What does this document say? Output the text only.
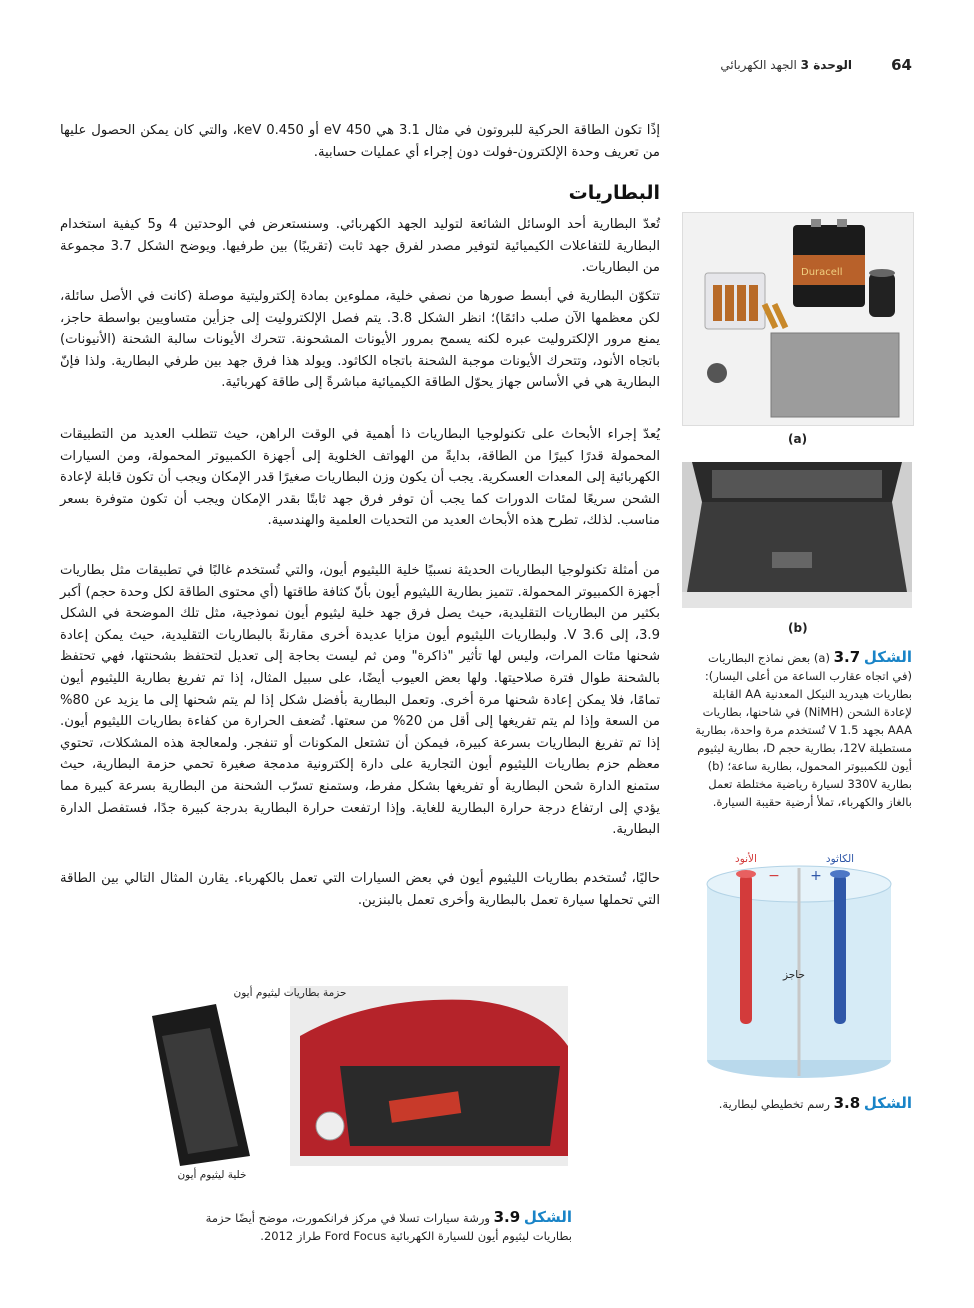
64
الوحدة 3 الجهد الكهربائي
إذًا تكون الطاقة الحركية للبروتون في مثال 3.1 هي 450 eV أو 0.450 keV، والتي كان يمكن الحصول عليها من تعريف وحدة الإلكترون-فولت دون إجراء أي عمليات حسابية.
البطاريات
تُعدّ البطارية أحد الوسائل الشائعة لتوليد الجهد الكهربائي. وسنستعرض في الوحدتين 4 و5 كيفية استخدام البطارية للتفاعلات الكيميائية لتوفير مصدر لفرق جهد ثابت (تقريبًا) بين طرفيها. ويوضح الشكل 3.7 مجموعة من البطاريات.
تتكوّن البطارية في أبسط صورها من نصفي خلية، مملوءين بمادة إلكتروليتية موصلة (كانت في الأصل سائلة، لكن معظمها الآن صلب دائمًا)؛ انظر الشكل 3.8. يتم فصل الإلكتروليت إلى جزأين متساويين بواسطة حاجز، يمنع مرور الإلكتروليت عبره لكنه يسمح بمرور الأيونات المشحونة. تتحرك الأيونات سالبة الشحنة (الأنيونات) باتجاه الأنود، وتتحرك الأيونات موجبة الشحنة باتجاه الكاثود. ويولد هذا فرق جهد بين طرفي البطارية. ولذا فإنّ البطارية هي في الأساس جهاز يحوّل الطاقة الكيميائية مباشرةً إلى طاقة كهربائية.
يُعدّ إجراء الأبحاث على تكنولوجيا البطاريات ذا أهمية في الوقت الراهن، حيث تتطلب العديد من التطبيقات المحمولة قدرًا كبيرًا من الطاقة، بدايةً من الهواتف الخلوية إلى أجهزة الكمبيوتر المحمولة، ومن السيارات الكهربائية إلى المعدات العسكرية. يجب أن يكون وزن البطاريات صغيرًا قدر الإمكان ويجب أن تكون قابلة لإعادة الشحن سريعًا لمئات الدورات كما يجب أن توفر فرق جهد ثابتًا بقدر الإمكان ويجب أن تكون متوفرة بسعر مناسب. لذلك، تطرح هذه الأبحاث العديد من التحديات العلمية والهندسية.
من أمثلة تكنولوجيا البطاريات الحديثة نسبيًا خلية الليثيوم أيون، والتي تُستخدم غالبًا في تطبيقات مثل بطاريات أجهزة الكمبيوتر المحمولة. تتميز بطارية الليثيوم أيون بأنّ كثافة طاقتها (أي محتوى الطاقة لكل وحدة حجم) أكبر بكثير من البطاريات التقليدية، حيث يصل فرق جهد خلية ليثيوم أيون نموذجية، مثل تلك الموضحة في الشكل 3.9، إلى 3.6 V. ولبطاريات الليثيوم أيون مزايا عديدة أخرى مقارنةً بالبطاريات التقليدية، حيث يمكن إعادة شحنها مئات المرات، وليس لها تأثير "ذاكرة" ومن ثم ليست بحاجة إلى تعديل لتحتفظ بشحنتها، فهي تحتفظ بالشحنة طوال فترة صلاحيتها. ولها بعض العيوب أيضًا، على سبيل المثال، إذا تم تفريغ بطارية الليثيوم أيون تمامًا، فلا يمكن إعادة شحنها مرة أخرى. وتعمل البطارية بأفضل شكل إذا لم يتم شحنها إلى ما يزيد عن 80% من السعة وإذا لم يتم تفريغها إلى أقل من 20% من سعتها. تُضعف الحرارة من كفاءة بطاريات الليثيوم أيون. إذا تم تفريغ البطاريات بسرعة كبيرة، فيمكن أن تشتعل المكونات أو تنفجر. ولمعالجة هذه المشكلات، تحتوي معظم حزم بطاريات الليثيوم أيون التجارية على دارة إلكترونية مدمجة صغيرة تحمي حزمة البطارية، حيث ستمنع الدارة شحن البطارية أو تفريغها بشكل مفرط، وستمنع تسرّب الشحنة من البطارية بسرعة كبيرة مما يؤدي إلى ارتفاع درجة حرارة البطارية للغاية. وإذا ارتفعت حرارة البطارية بدرجة كبيرة جدًا، فستفصل الدارة البطارية.
حاليًا، تُستخدم بطاريات الليثيوم أيون في بعض السيارات التي تعمل بالكهرباء. يقارن المثال التالي بين الطاقة التي تحملها سيارة تعمل بالبطارية وأخرى تعمل بالبنزين.
Duracell
(a)
(b)
الشكل 3.7 (a) بعض نماذج البطاريات (في اتجاه عقارب الساعة من أعلى اليسار): بطاريات هيدريد النيكل المعدنية AA القابلة لإعادة الشحن (NiMH) في شاحنها، بطاريات AAA بجهد 1.5 V تُستخدم مرة واحدة، بطارية مستطيلة 12V، بطارية حجم D، بطارية ليثيوم أيون للكمبيوتر المحمول، بطارية ساعة؛ (b) بطارية 330V لسيارة رياضية مختلطة تعمل بالغاز والكهرباء، تملأ أرضية حقيبة السيارة.
الأنود	الكاثود
− +
حاجز
الشكل 3.8 رسم تخطيطي لبطارية.
حزمة بطاريات ليثيوم أيون
خلية ليثيوم أيون
الشكل 3.9 ورشة سيارات تسلا في مركز فرانكمورت، موضح أيضًا حزمة بطاريات ليثيوم أيون للسيارة الكهربائية Ford Focus طراز 2012.
